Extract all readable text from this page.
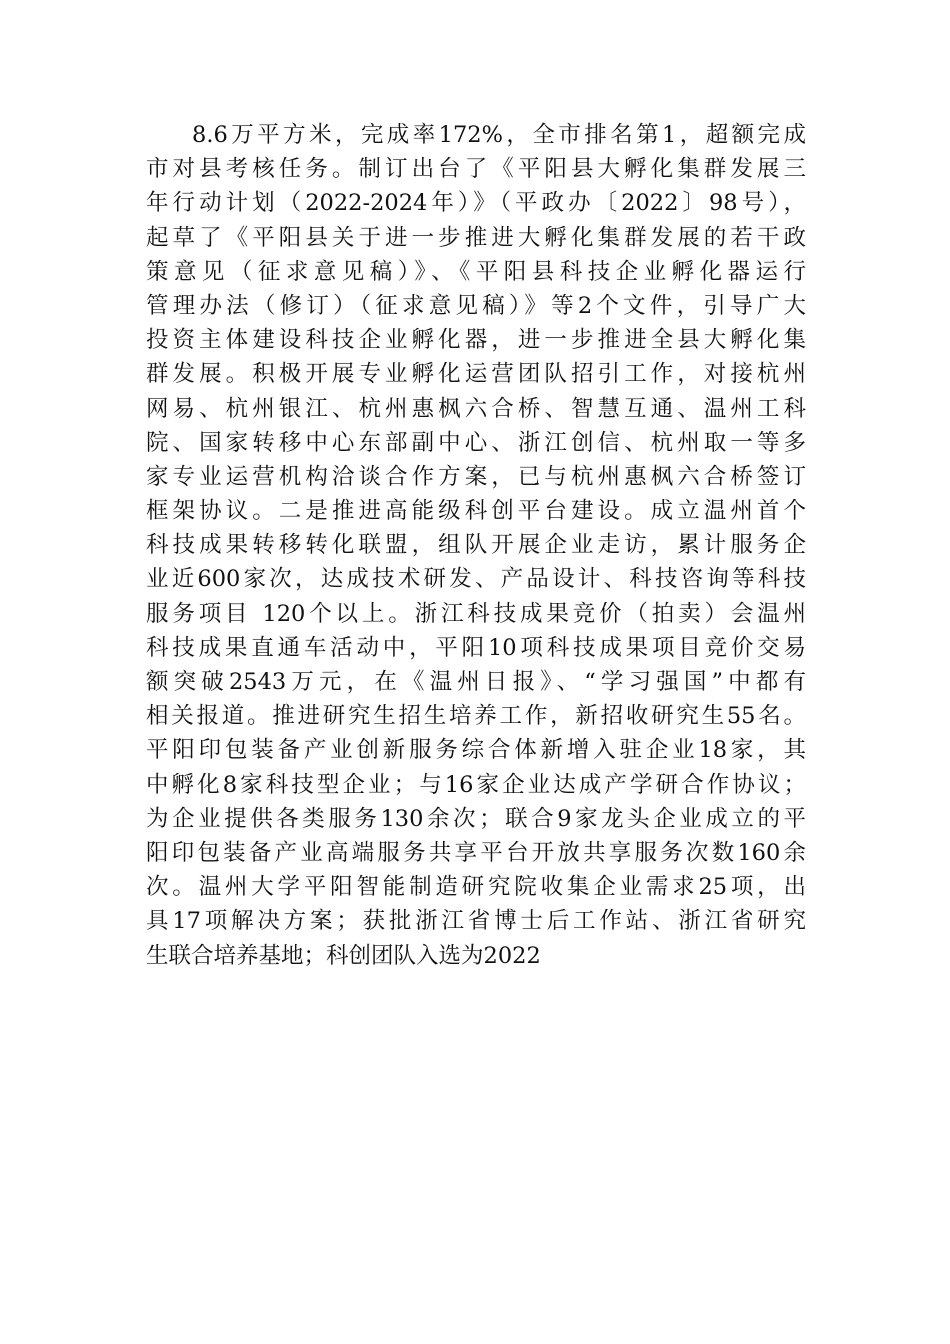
8.6万平方米，完成率172%，全市排名第1，超额完成
市对县考核任务。制订出台了《平阳县大孵化集群发展三
年行动计划（2022-2024年）》（平政办〔2022〕98号），
起草了《平阳县关于进一步推进大孵化集群发展的若干政
策意见（征求意见稿）》、《平阳县科技企业孵化器运行
管理办法（修订）（征求意见稿）》等2个文件，引导广大
投资主体建设科技企业孵化器，进一步推进全县大孵化集
群发展。积极开展专业孵化运营团队招引工作，对接杭州
网易、杭州银江、杭州惠枫六合桥、智慧互通、温州工科
院、国家转移中心东部副中心、浙江创信、杭州取一等多
家专业运营机构洽谈合作方案，已与杭州惠枫六合桥签订
框架协议。二是推进高能级科创平台建设。成立温州首个
科技成果转移转化联盟，组队开展企业走访，累计服务企
业近600家次，达成技术研发、产品设计、科技咨询等科技
服务项目 120个以上。浙江科技成果竞价（拍卖）会温州
科技成果直通车活动中，平阳10项科技成果项目竞价交易
额突破2543万元，在《温州日报》、“学习强国”中都有
相关报道。推进研究生招生培养工作，新招收研究生55名。
平阳印包装备产业创新服务综合体新增入驻企业18家，其
中孵化8家科技型企业；与16家企业达成产学研合作协议；
为企业提供各类服务130余次；联合9家龙头企业成立的平
阳印包装备产业高端服务共享平台开放共享服务次数160余
次。温州大学平阳智能制造研究院收集企业需求25项，出
具17项解决方案；获批浙江省博士后工作站、浙江省研究
生联合培养基地；科创团队入选为2022
